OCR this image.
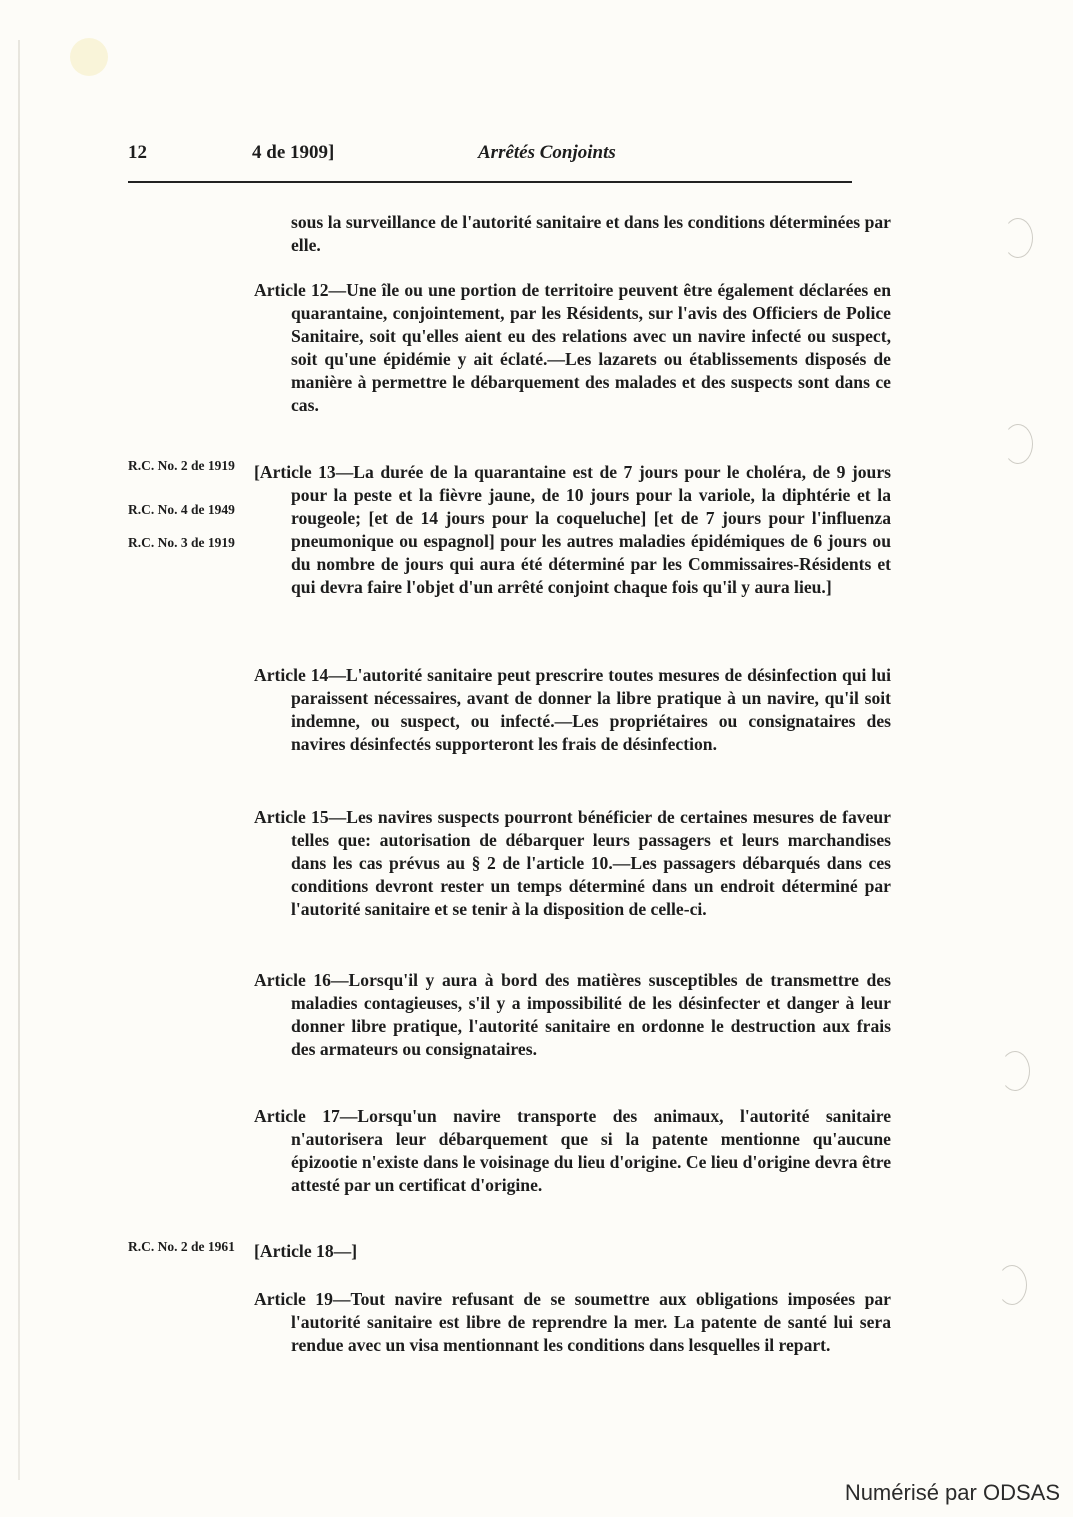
12	4 de 1909]	Arrêtés Conjoints

sous la surveillance de l'autorité sanitaire et dans les conditions déterminées par elle.

Article 12—Une île ou une portion de territoire peuvent être également déclarées en quarantaine, conjointement, par les Résidents, sur l'avis des Officiers de Police Sanitaire, soit qu'elles aient eu des relations avec un navire infecté ou suspect, soit qu'une épidémie y ait éclaté.—Les lazarets ou établissements disposés de manière à permettre le débarquement des malades et des suspects sont dans ce cas.

R.C. No. 2 de 1919

R.C. No. 4 de 1949

R.C. No. 3 de 1919

[Article 13—La durée de la quarantaine est de 7 jours pour le choléra, de 9 jours pour la peste et la fièvre jaune, de 10 jours pour la variole, la diphtérie et la rougeole; [et de 14 jours pour la coqueluche] [et de 7 jours pour l'influenza pneumonique ou espagnol] pour les autres maladies épidémiques de 6 jours ou du nombre de jours qui aura été déterminé par les Commissaires-Résidents et qui devra faire l'objet d'un arrêté conjoint chaque fois qu'il y aura lieu.]

Article 14—L'autorité sanitaire peut prescrire toutes mesures de désinfection qui lui paraissent nécessaires, avant de donner la libre pratique à un navire, qu'il soit indemne, ou suspect, ou infecté.—Les propriétaires ou consignataires des navires désinfectés supporteront les frais de désinfection.

Article 15—Les navires suspects pourront bénéficier de certaines mesures de faveur telles que: autorisation de débarquer leurs passagers et leurs marchandises dans les cas prévus au § 2 de l'article 10.—Les passagers débarqués dans ces conditions devront rester un temps déterminé dans un endroit déterminé par l'autorité sanitaire et se tenir à la disposition de celle-ci.

Article 16—Lorsqu'il y aura à bord des matières susceptibles de transmettre des maladies contagieuses, s'il y a impossibilité de les désinfecter et danger à leur donner libre pratique, l'autorité sanitaire en ordonne le destruction aux frais des armateurs ou consignataires.

Article 17—Lorsqu'un navire transporte des animaux, l'autorité sanitaire n'autorisera leur débarquement que si la patente mentionne qu'aucune épizootie n'existe dans le voisinage du lieu d'origine. Ce lieu d'origine devra être attesté par un certificat d'origine.

R.C. No. 2 de 1961 [Article 18—]

Article 19—Tout navire refusant de se soumettre aux obligations imposées par l'autorité sanitaire est libre de reprendre la mer. La patente de santé lui sera rendue avec un visa mentionnant les conditions dans lesquelles il repart.

Numérisé par ODSAS
